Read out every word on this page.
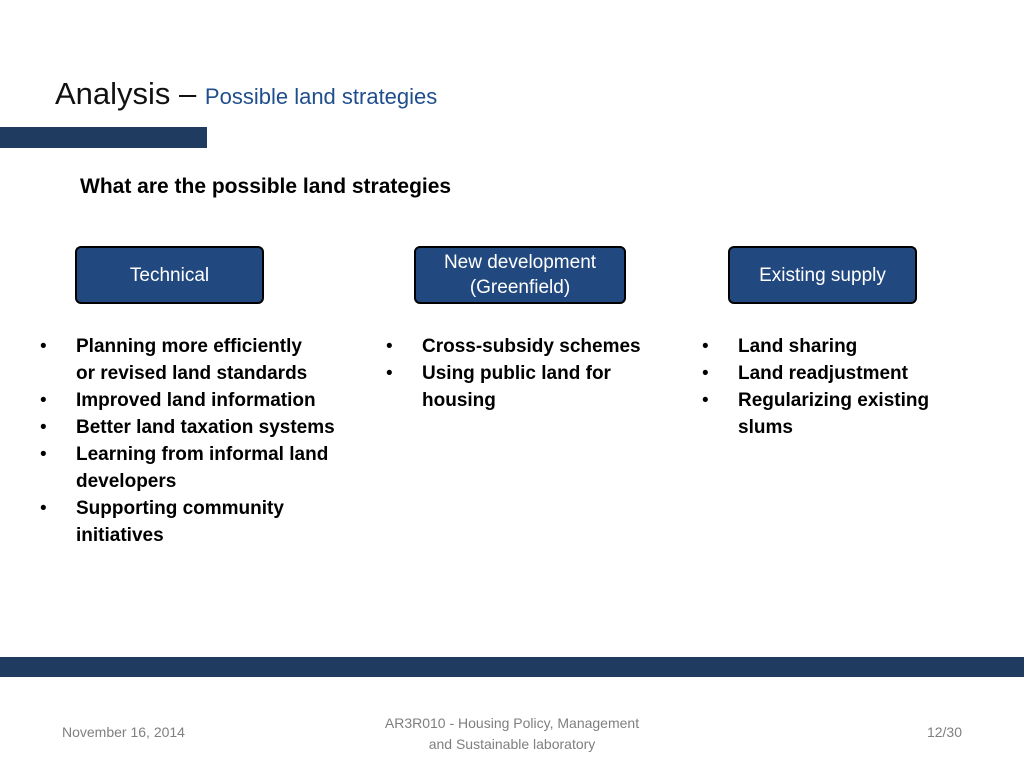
Analysis – Possible land strategies
What are the possible land strategies
Technical
• Planning more efficiently or revised land standards
• Improved land information
• Better land taxation systems
• Learning from informal land developers
• Supporting community initiatives
New development
(Greenfield)
• Cross-subsidy schemes
• Using public land for housing
Existing supply
• Land sharing
• Land readjustment
• Regularizing existing slums
November 16, 2014
AR3R010 - Housing Policy, Management
and Sustainable laboratory
12/30
